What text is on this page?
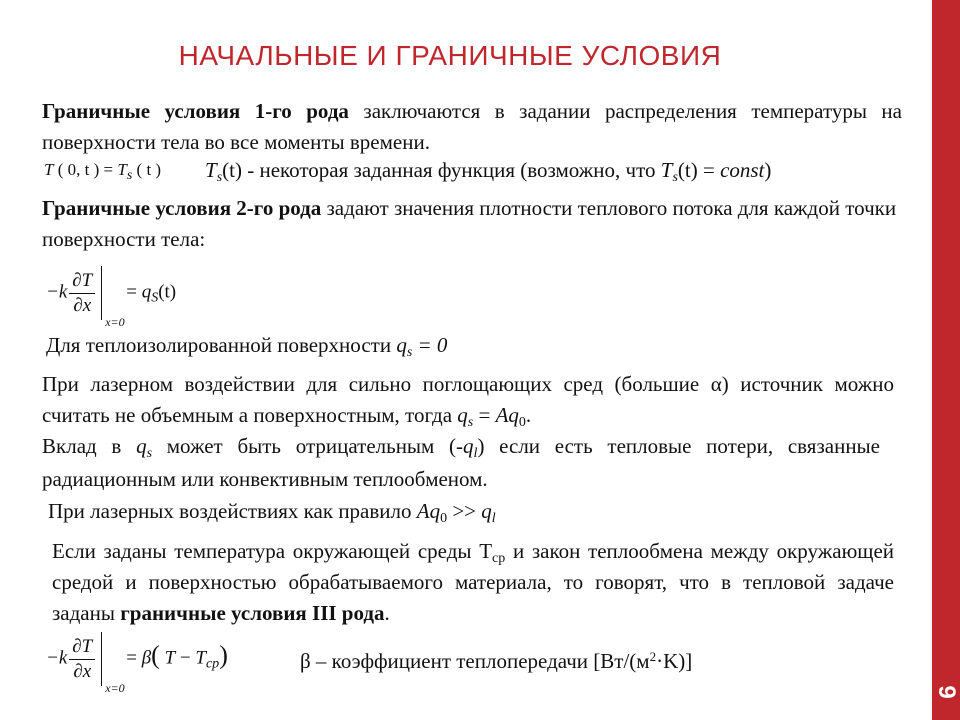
9
НАЧАЛЬНЫЕ И ГРАНИЧНЫЕ УСЛОВИЯ

Граничные условия 1-го рода заключаются в задании распределения температуры на поверхности тела во все моменты времени.

T ( 0, t ) = $T_s$ ( t ) $T_s(t)$ - некоторая заданная функция (возможно, что $T_s(t)$ = const)

Граничные условия 2-го рода задают значения плотности теплового потока для каждой точки поверхности тела:

$-k \frac{\partial T}{\partial x}$
x=0
= $q_S(t)$

Для теплоизолированной поверхности $q_s = 0$

При лазерном воздействии для сильно поглощающих сред (большие α) источник можно считать не объемным а поверхностным, тогда $q_s = Aq_0$.

Вклад в $q_s$ может быть отрицательным $(-q_l)$ если есть тепловые потери, связанные радиационным или конвективным теплообменом.

При лазерных воздействиях как правило $Aq_0 >> q_l$

Если заданы температура окружающей среды $Т_{ср}$ и закон теплообмена между окружающей средой и поверхностью обрабатываемого материала, то говорят, что в тепловой задаче заданы граничные условия III рода.

$-k \frac{\partial T}{\partial x}$
x=0
= β( $T - T_{cp}$)	β – коэффициент теплопередачи $[Вт/(м^2\cdot K)]$
